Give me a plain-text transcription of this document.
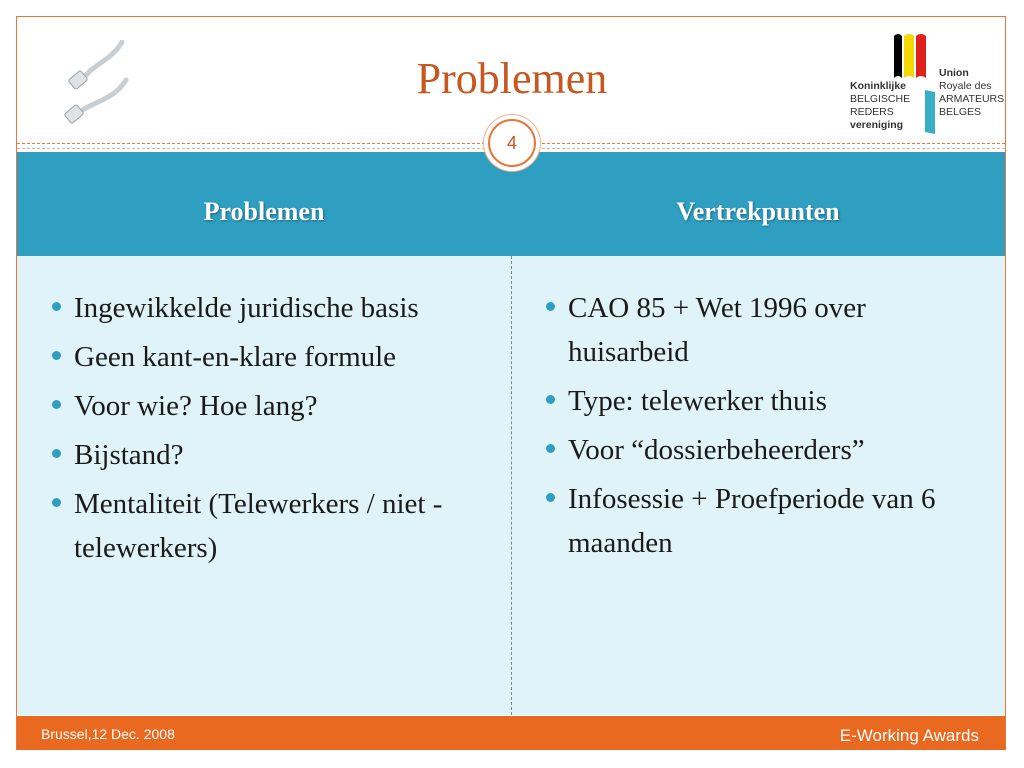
Problemen	Koninklijke
BELGISCHE
REDERS
vereniging
Union
Royale des
ARMATEURS
BELGES
4
Problemen	Vertrekpunten
Ingewikkelde juridische basis
Geen kant-en-klare formule
Voor wie? Hoe lang?
Bijstand?
Mentaliteit (Telewerkers / niet -telewerkers)
CAO 85 + Wet 1996 over huisarbeid
Type: telewerker thuis
Voor “dossierbeheerders”
Infosessie + Proefperiode van 6 maanden
Brussel,12 Dec. 2008	E-Working Awards
